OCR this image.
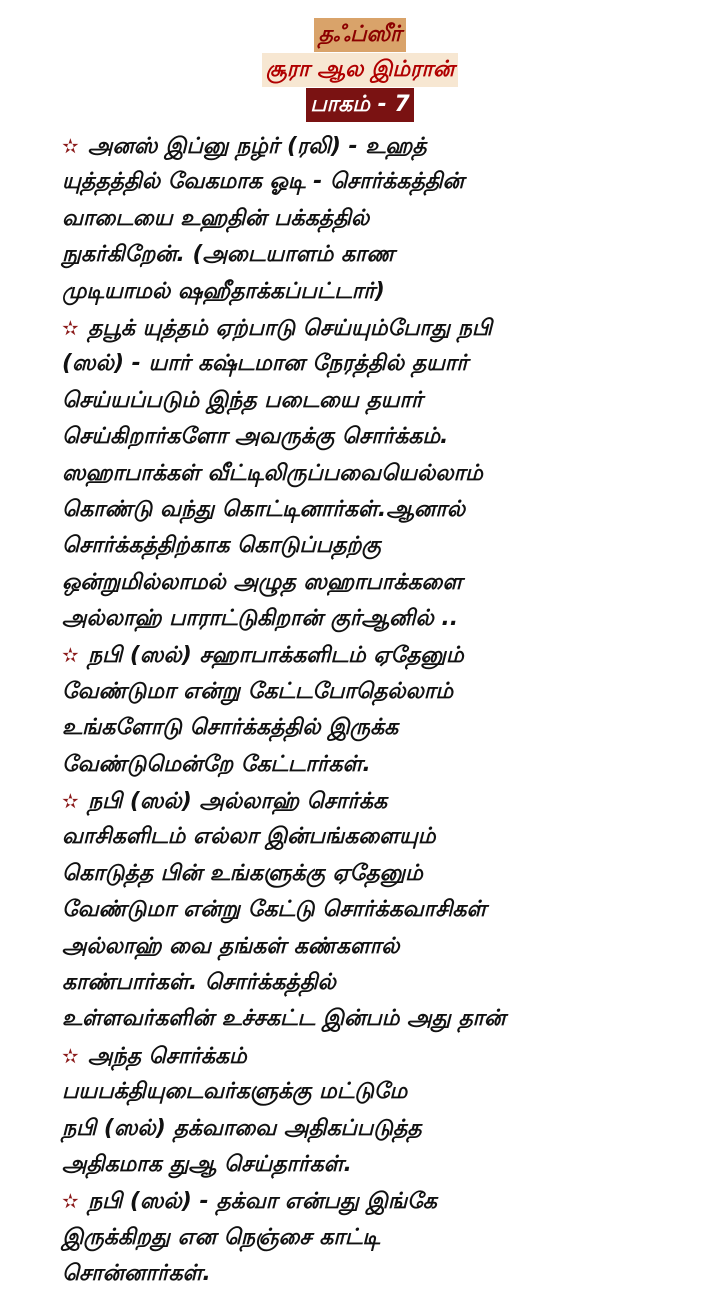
தஃப்ஸீர்
சூரா ஆல இம்ரான்
பாகம் - 7
✫ அனஸ் இப்னு நழ்ர் (ரலி) - உஹத்
யுத்தத்தில் வேகமாக ஓடி - சொர்க்கத்தின்
வாடையை உஹதின் பக்கத்தில்
நுகர்கிறேன். (அடையாளம் காண
முடியாமல் ஷஹீதாக்கப்பட்டார்)
✫ தபூக் யுத்தம் ஏற்பாடு செய்யும்போது நபி
(ஸல்) - யார் கஷ்டமான நேரத்தில் தயார்
செய்யப்படும் இந்த படையை தயார்
செய்கிறார்களோ அவருக்கு சொர்க்கம்.
ஸஹாபாக்கள் வீட்டிலிருப்பவையெல்லாம்
கொண்டு வந்து கொட்டினார்கள்.ஆனால்
சொர்க்கத்திற்காக கொடுப்பதற்கு
ஒன்றுமில்லாமல் அழுத ஸஹாபாக்களை
அல்லாஹ் பாராட்டுகிறான் குர்ஆனில் ..
✫ நபி (ஸல்) சஹாபாக்களிடம் ஏதேனும்
வேண்டுமா என்று கேட்டபோதெல்லாம்
உங்களோடு சொர்க்கத்தில் இருக்க
வேண்டுமென்றே கேட்டார்கள்.
✫ நபி (ஸல்) அல்லாஹ் சொர்க்க
வாசிகளிடம் எல்லா இன்பங்களையும்
கொடுத்த பின் உங்களுக்கு ஏதேனும்
வேண்டுமா என்று கேட்டு சொர்க்கவாசிகள்
அல்லாஹ் வை தங்கள் கண்களால்
காண்பார்கள். சொர்க்கத்தில்
உள்ளவர்களின் உச்சகட்ட இன்பம் அது தான்
✫ அந்த சொர்க்கம்
பயபக்தியுடைவர்களுக்கு மட்டுமே
நபி (ஸல்) தக்வாவை அதிகப்படுத்த
அதிகமாக துஆ செய்தார்கள்.
✫ நபி (ஸல்) - தக்வா என்பது இங்கே
இருக்கிறது என நெஞ்சை காட்டி
சொன்னார்கள்.
